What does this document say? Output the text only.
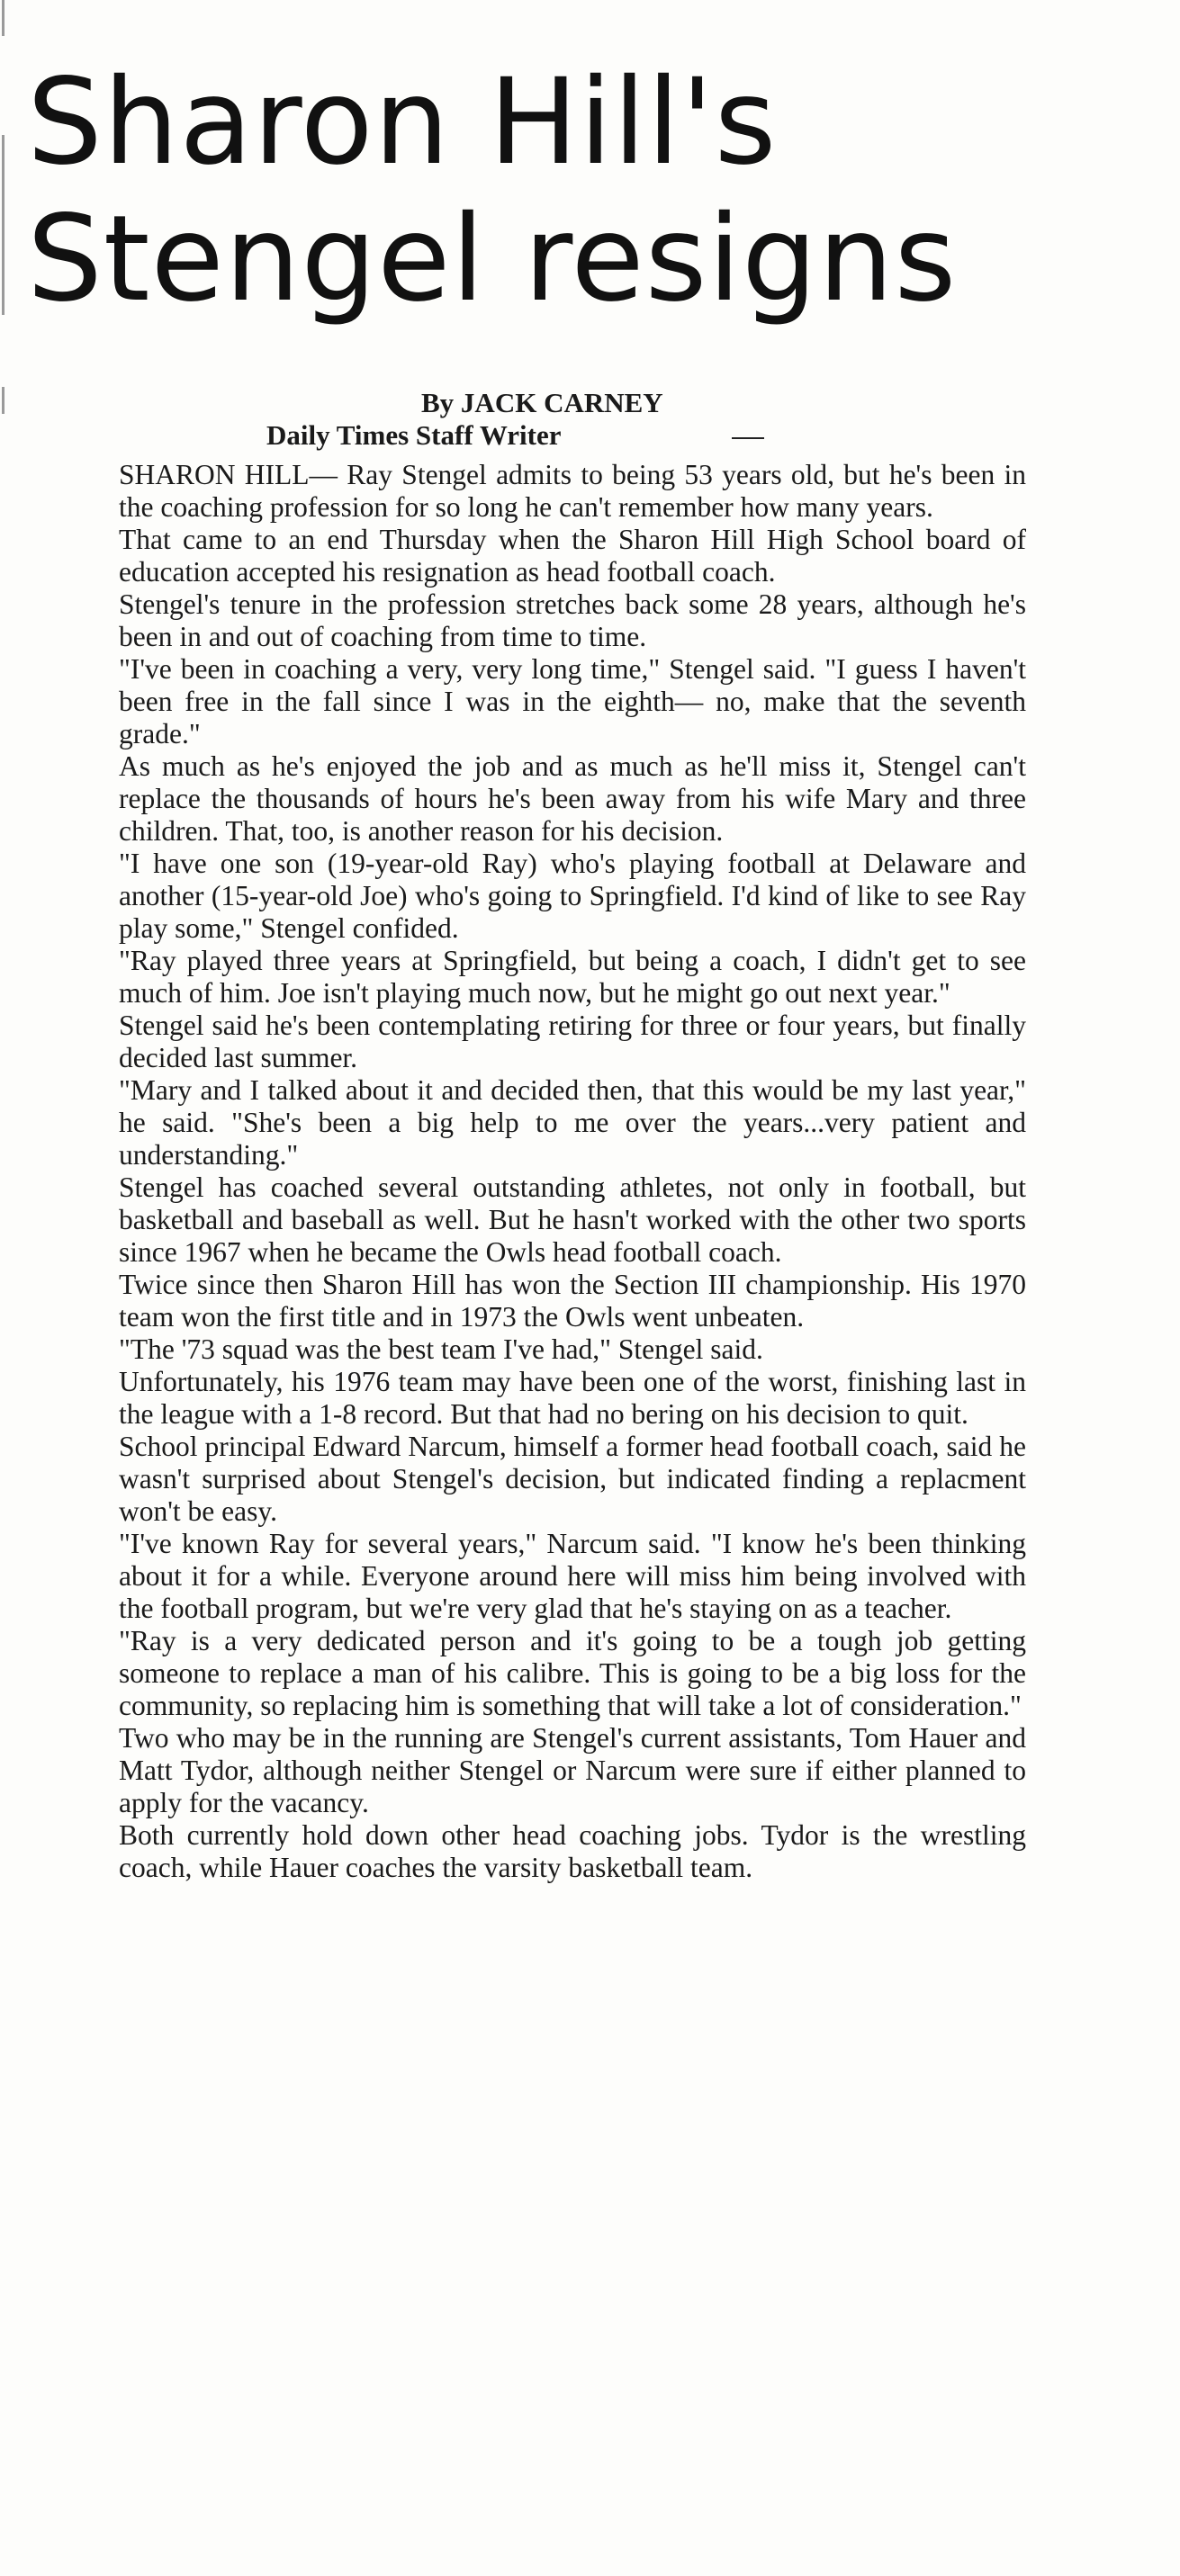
Sharon Hill's
Stengel resigns
By JACK CARNEY
Daily Times Staff Writer

SHARON HILL— Ray Stengel admits to being 53 years old, but he's been in the coaching profession for so long he can't remember how many years.

That came to an end Thursday when the Sharon Hill High School board of education accepted his resignation as head football coach.

Stengel's tenure in the profession stretches back some 28 years, although he's been in and out of coaching from time to time.

"I've been in coaching a very, very long time," Stengel said. "I guess I haven't been free in the fall since I was in the eighth— no, make that the seventh grade."

As much as he's enjoyed the job and as much as he'll miss it, Stengel can't replace the thousands of hours he's been away from his wife Mary and three children. That, too, is another reason for his decision.

"I have one son (19-year-old Ray) who's playing football at Delaware and another (15-year-old Joe) who's going to Springfield. I'd kind of like to see Ray play some," Stengel confided.

"Ray played three years at Springfield, but being a coach, I didn't get to see much of him. Joe isn't playing much now, but he might go out next year."

Stengel said he's been contemplating retiring for three or four years, but finally decided last summer.

"Mary and I talked about it and decided then, that this would be my last year," he said. "She's been a big help to me over the years...very patient and understanding."

Stengel has coached several outstanding athletes, not only in football, but basketball and baseball as well. But he hasn't worked with the other two sports since 1967 when he became the Owls head football coach.

Twice since then Sharon Hill has won the Section III championship. His 1970 team won the first title and in 1973 the Owls went unbeaten.

"The '73 squad was the best team I've had," Stengel said.

Unfortunately, his 1976 team may have been one of the worst, finishing last in the league with a 1-8 record. But that had no bering on his decision to quit.

School principal Edward Narcum, himself a former head football coach, said he wasn't surprised about Stengel's decision, but indicated finding a replacment won't be easy.

"I've known Ray for several years," Narcum said. "I know he's been thinking about it for a while. Everyone around here will miss him being involved with the football program, but we're very glad that he's staying on as a teacher.

"Ray is a very dedicated person and it's going to be a tough job getting someone to replace a man of his calibre. This is going to be a big loss for the community, so replacing him is something that will take a lot of consideration."

Two who may be in the running are Stengel's current assistants, Tom Hauer and Matt Tydor, although neither Stengel or Narcum were sure if either planned to apply for the vacancy.

Both currently hold down other head coaching jobs. Tydor is the wrestling coach, while Hauer coaches the varsity basketball team.
